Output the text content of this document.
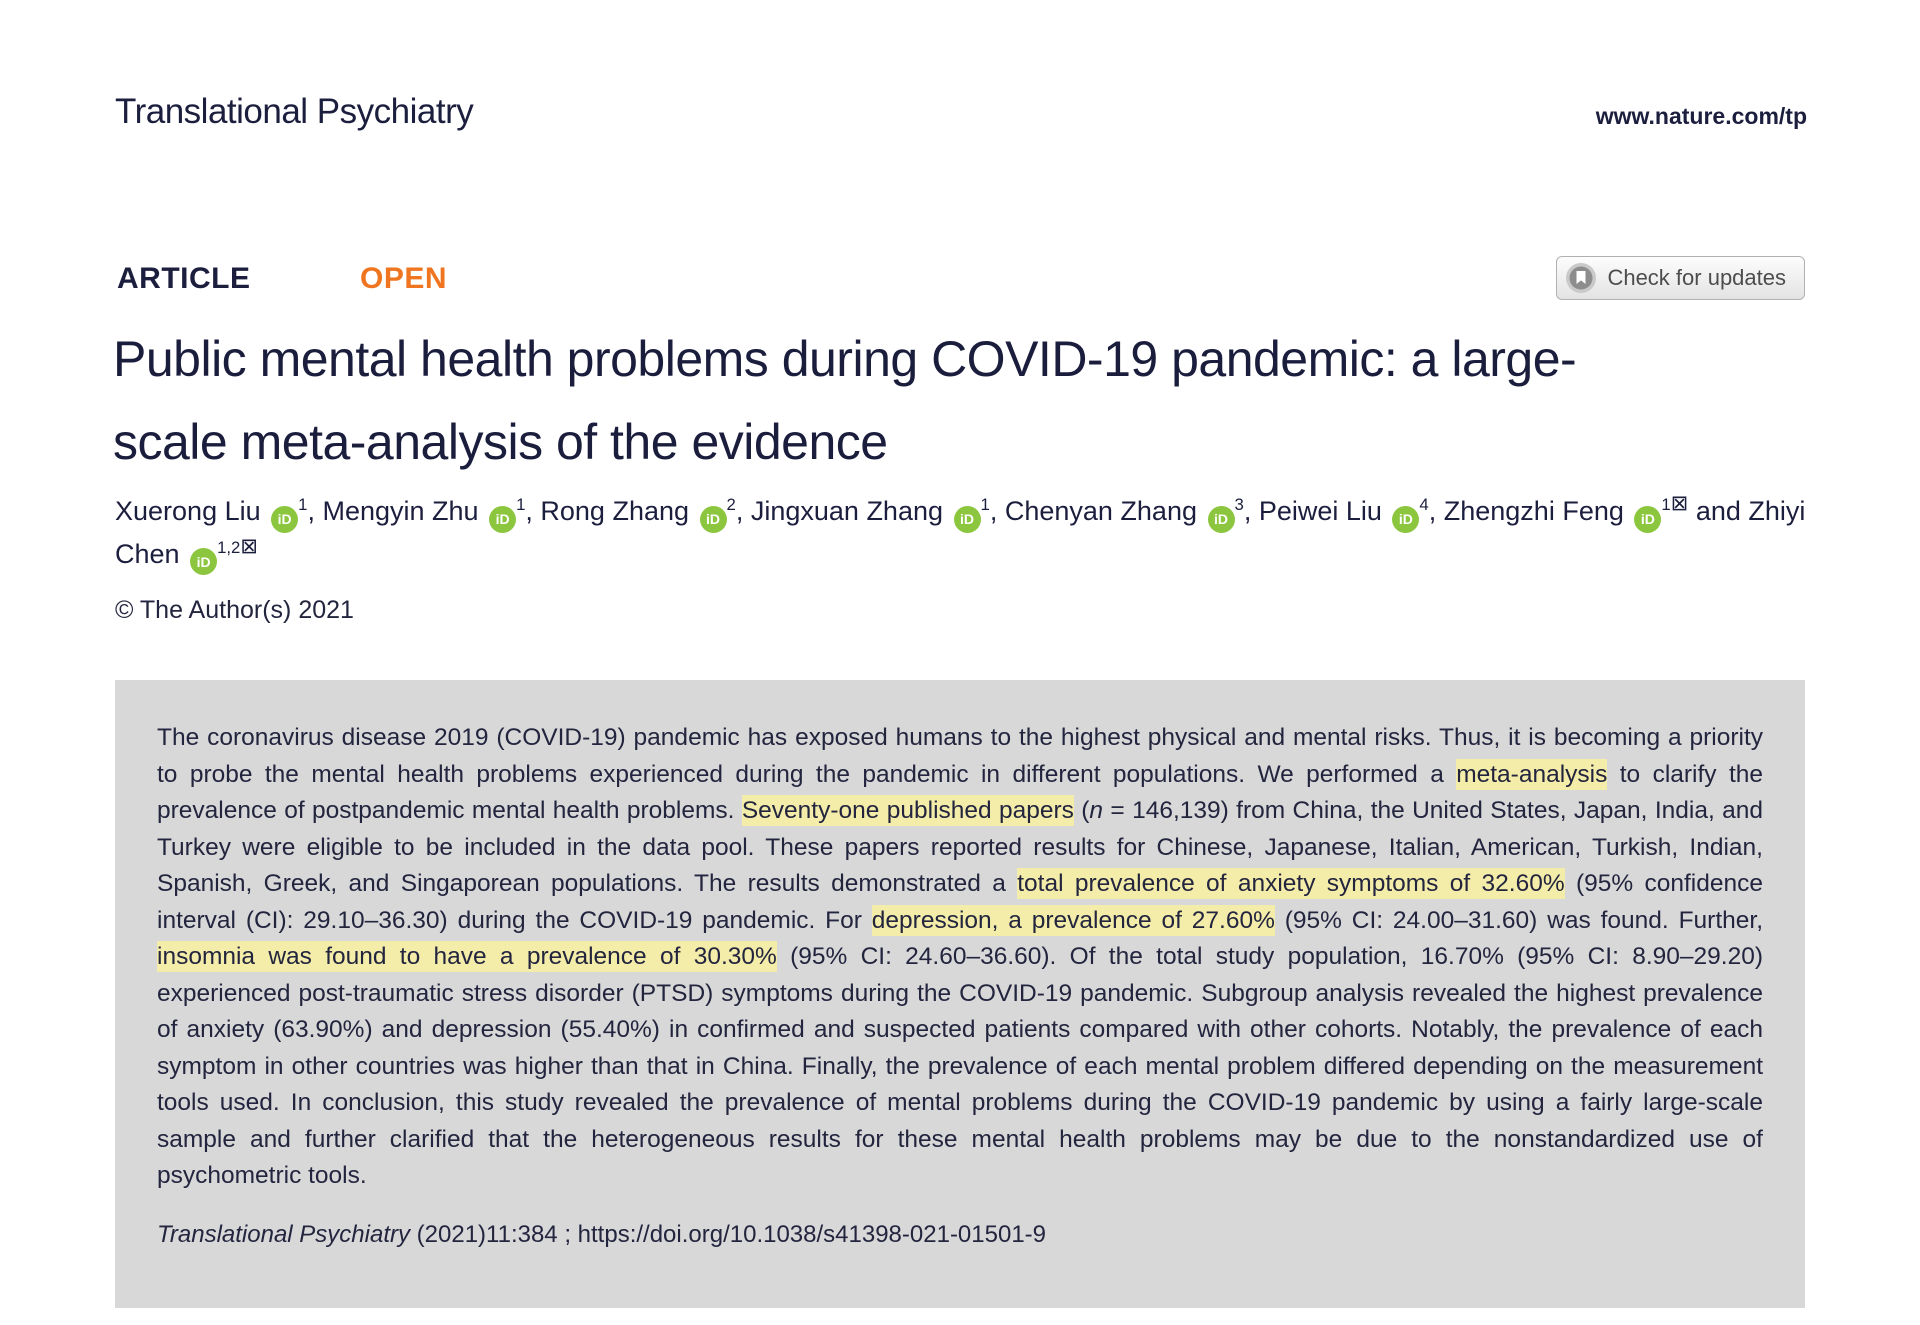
Translational Psychiatry	www.nature.com/tp
ARTICLE	OPEN	Check for updates
Public mental health problems during COVID-19 pandemic: a large-scale meta-analysis of the evidence
Xuerong Liu $iD^1$, Mengyin Zhu $iD^1$, Rong Zhang $iD^2$, Jingxuan Zhang $iD^1$, Chenyan Zhang $iD^3$, Peiwei Liu $iD^4$, Zhengzhi Feng $iD^{1⊠}$ and Zhiyi Chen $iD^{1,2⊠}$
© The Author(s) 2021
The coronavirus disease 2019 (COVID-19) pandemic has exposed humans to the highest physical and mental risks. Thus, it is becoming a priority to probe the mental health problems experienced during the pandemic in different populations. We performed a meta-analysis to clarify the prevalence of postpandemic mental health problems. Seventy-one published papers (n = 146,139) from China, the United States, Japan, India, and Turkey were eligible to be included in the data pool. These papers reported results for Chinese, Japanese, Italian, American, Turkish, Indian, Spanish, Greek, and Singaporean populations. The results demonstrated a total prevalence of anxiety symptoms of 32.60% (95% confidence interval (CI): 29.10–36.30) during the COVID-19 pandemic. For depression, a prevalence of 27.60% (95% CI: 24.00–31.60) was found. Further, insomnia was found to have a prevalence of 30.30% (95% CI: 24.60–36.60). Of the total study population, 16.70% (95% CI: 8.90–29.20) experienced post-traumatic stress disorder (PTSD) symptoms during the COVID-19 pandemic. Subgroup analysis revealed the highest prevalence of anxiety (63.90%) and depression (55.40%) in confirmed and suspected patients compared with other cohorts. Notably, the prevalence of each symptom in other countries was higher than that in China. Finally, the prevalence of each mental problem differed depending on the measurement tools used. In conclusion, this study revealed the prevalence of mental problems during the COVID-19 pandemic by using a fairly large-scale sample and further clarified that the heterogeneous results for these mental health problems may be due to the nonstandardized use of psychometric tools.
Translational Psychiatry (2021)11:384 ; https://doi.org/10.1038/s41398-021-01501-9
